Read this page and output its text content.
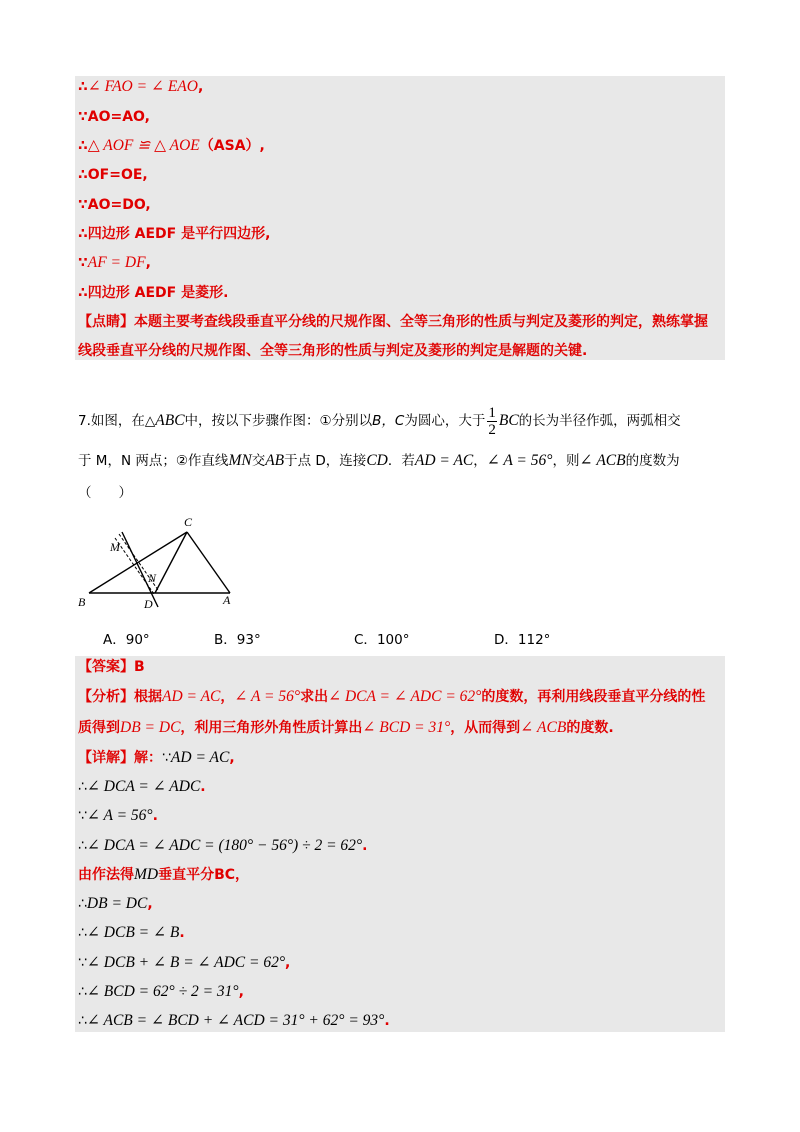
∴∠ FAO = ∠ EAO,
∵AO=AO,
∴△ AOF ≌ △ AOE（ASA）,
∴OF=OE,
∵AO=DO,
∴四边形 AEDF 是平行四边形,
∵AF = DF,
∴四边形 AEDF 是菱形.
【点睛】本题主要考查线段垂直平分线的尺规作图、全等三角形的性质与判定及菱形的判定，熟练掌握
线段垂直平分线的尺规作图、全等三角形的性质与判定及菱形的判定是解题的关键.
7.如图，在△ABC中，按以下步骤作图：①分别以B，C为圆心，大于 $\frac{1}{2}$ BC的长为半径作弧，两弧相交
于 M，N 两点；②作直线MN交AB于点 D，连接CD．若AD = AC，∠ A = 56°，则∠ ACB的度数为
（　　）
C
M
N
B	D	A
A．90°	B．93°	C．100°	D．112°
【答案】B
【分析】根据AD = AC，∠ A = 56°求出∠ DCA = ∠ ADC = 62°的度数，再利用线段垂直平分线的性
质得到DB = DC，利用三角形外角性质计算出∠ BCD = 31°，从而得到∠ ACB的度数.
【详解】解：∵AD = AC,
∴∠ DCA = ∠ ADC.
∵∠ A = 56°.
∴∠ DCA = ∠ ADC = (180° − 56°) ÷ 2 = 62°.
由作法得MD垂直平分BC，
∴DB = DC,
∴∠ DCB = ∠ B.
∵∠ DCB + ∠ B = ∠ ADC = 62°,
∴∠ BCD = 62° ÷ 2 = 31°,
∴∠ ACB = ∠ BCD + ∠ ACD = 31° + 62° = 93°.
